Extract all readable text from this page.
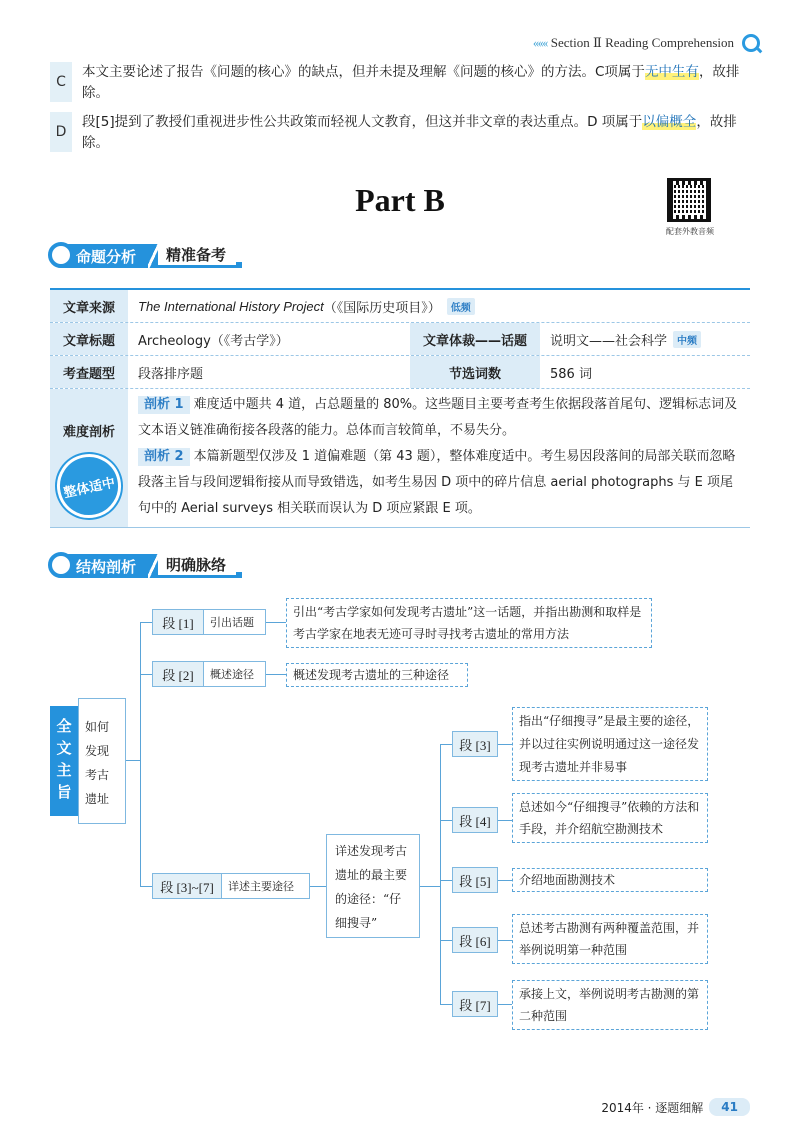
‹‹‹‹‹‹ Section Ⅱ Reading Comprehension
C
本文主要论述了报告《问题的核心》的缺点，但并未提及理解《问题的核心》的方法。C项属于无中生有，故排除。
D
段[5]提到了教授们重视进步性公共政策而轻视人文教育，但这并非文章的表达重点。D 项属于以偏概全，故排除。
Part B
配套外教音频
命题分析	精准备考
文章来源	The International History Project （《国际历史项目》）	低频
文章标题	Archeology（《考古学》）	文章体裁——话题	说明文——社会科学	中频
考查题型	段落排序题	节选词数	586 词
难度剖析
整体适中
剖析 1 难度适中题共 4 道，占总题量的 80%。这些题目主要考查考生依据段落首尾句、逻辑标志词及文本语义链准确衔接各段落的能力。总体而言较简单，不易失分。
剖析 2 本篇新题型仅涉及 1 道偏难题（第 43 题），整体难度适中。考生易因段落间的局部关联而忽略段落主旨与段间逻辑衔接从而导致错选，如考生易因 D 项中的碎片信息 aerial photographs 与 E 项尾句中的 Aerial surveys 相关联而误认为 D 项应紧跟 E 项。
结构剖析	明确脉络
全文主旨
如何发现考古遗址
段 [1]	引出话题
引出“考古学家如何发现考古遗址”这一话题，并指出勘测和取样是考古学家在地表无迹可寻时寻找考古遗址的常用方法
段 [2]	概述途径	概述发现考古遗址的三种途径
段 [3]~[7]	详述主要途径
详述发现考古遗址的最主要的途径：“仔细搜寻”
段 [3]
指出“仔细搜寻”是最主要的途径，并以过往实例说明通过这一途径发现考古遗址并非易事
段 [4]
总述如今“仔细搜寻”依赖的方法和手段，并介绍航空勘测技术
段 [5]	介绍地面勘测技术
段 [6]
总述考古勘测有两种覆盖范围，并举例说明第一种范围
段 [7]
承接上文，举例说明考古勘测的第二种范围
2014年 · 逐题细解	41
